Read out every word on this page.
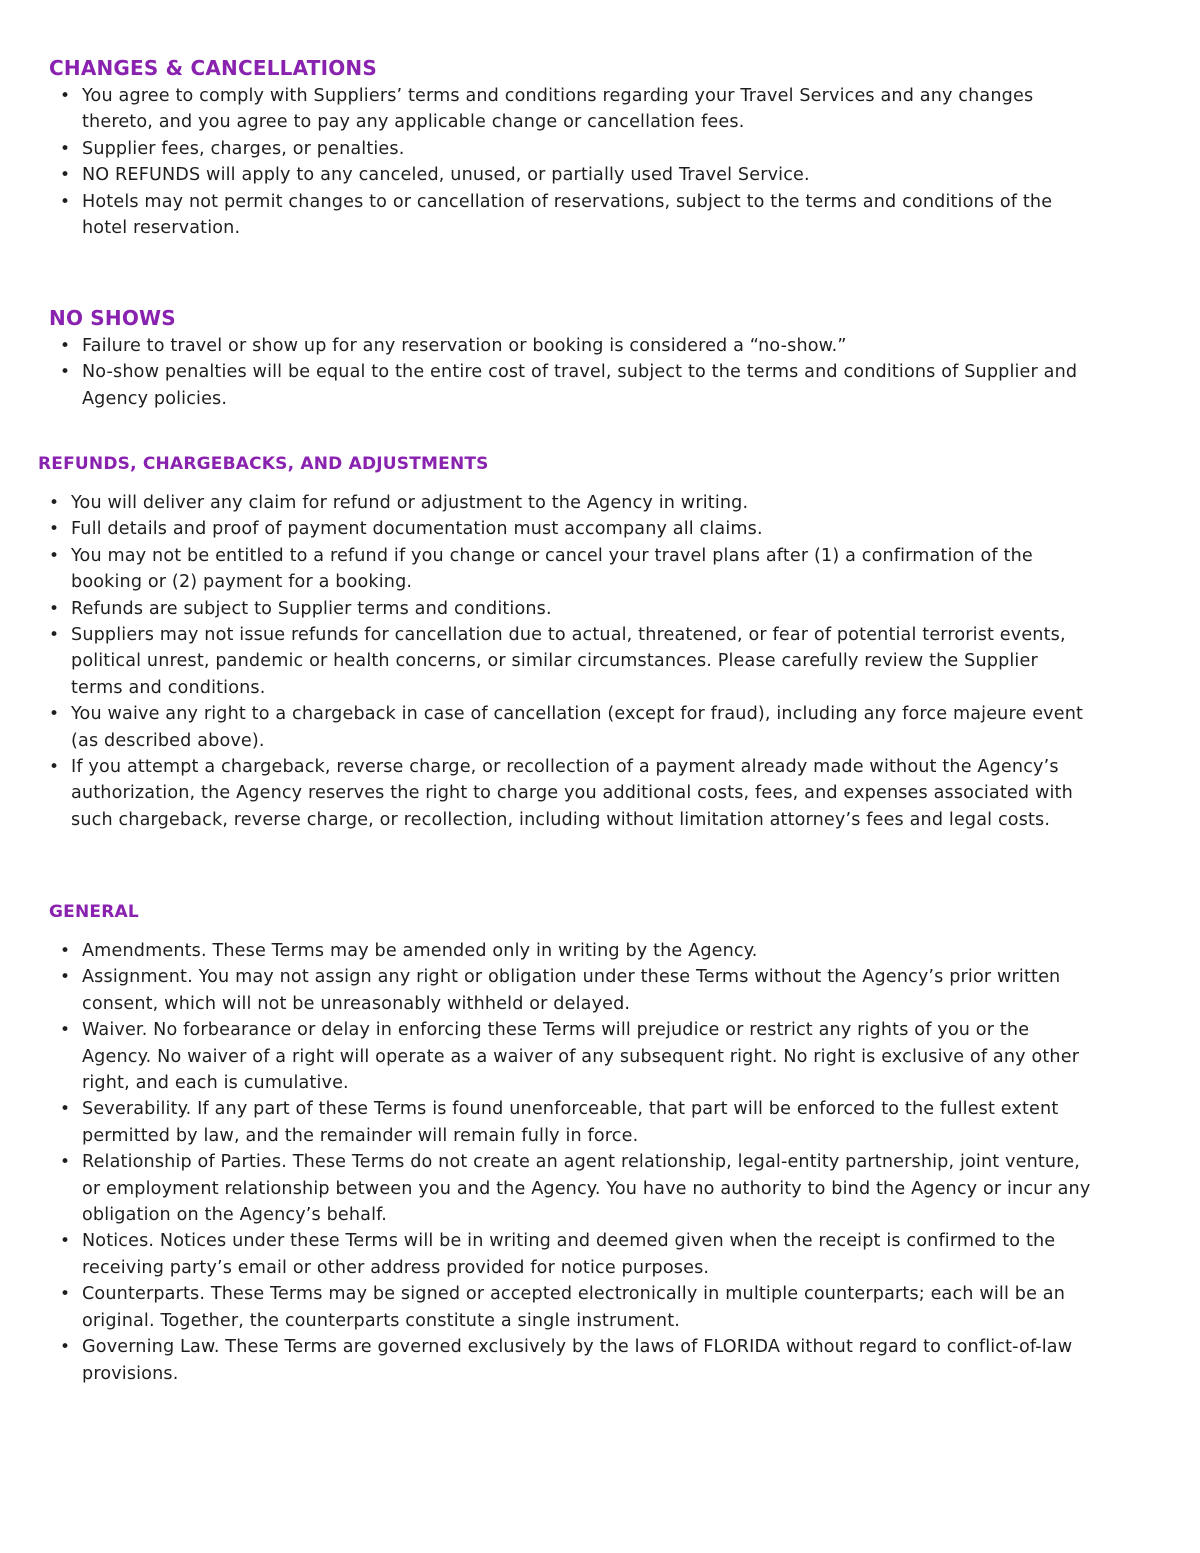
CHANGES & CANCELLATIONS
• You agree to comply with Suppliers’ terms and conditions regarding your Travel Services and any changes thereto, and you agree to pay any applicable change or cancellation fees.
• Supplier fees, charges, or penalties.
• NO REFUNDS will apply to any canceled, unused, or partially used Travel Service.
• Hotels may not permit changes to or cancellation of reservations, subject to the terms and conditions of the hotel reservation.
NO SHOWS
• Failure to travel or show up for any reservation or booking is considered a “no-show.”
• No-show penalties will be equal to the entire cost of travel, subject to the terms and conditions of Supplier and Agency policies.
REFUNDS, CHARGEBACKS, AND ADJUSTMENTS
• You will deliver any claim for refund or adjustment to the Agency in writing.
• Full details and proof of payment documentation must accompany all claims.
• You may not be entitled to a refund if you change or cancel your travel plans after (1) a confirmation of the booking or (2) payment for a booking.
• Refunds are subject to Supplier terms and conditions.
• Suppliers may not issue refunds for cancellation due to actual, threatened, or fear of potential terrorist events, political unrest, pandemic or health concerns, or similar circumstances. Please carefully review the Supplier terms and conditions.
• You waive any right to a chargeback in case of cancellation (except for fraud), including any force majeure event (as described above).
• If you attempt a chargeback, reverse charge, or recollection of a payment already made without the Agency’s authorization, the Agency reserves the right to charge you additional costs, fees, and expenses associated with such chargeback, reverse charge, or recollection, including without limitation attorney’s fees and legal costs.
GENERAL
• Amendments. These Terms may be amended only in writing by the Agency.
• Assignment. You may not assign any right or obligation under these Terms without the Agency’s prior written consent, which will not be unreasonably withheld or delayed.
• Waiver. No forbearance or delay in enforcing these Terms will prejudice or restrict any rights of you or the Agency. No waiver of a right will operate as a waiver of any subsequent right. No right is exclusive of any other right, and each is cumulative.
• Severability. If any part of these Terms is found unenforceable, that part will be enforced to the fullest extent permitted by law, and the remainder will remain fully in force.
• Relationship of Parties. These Terms do not create an agent relationship, legal-entity partnership, joint venture, or employment relationship between you and the Agency. You have no authority to bind the Agency or incur any obligation on the Agency’s behalf.
• Notices. Notices under these Terms will be in writing and deemed given when the receipt is confirmed to the receiving party’s email or other address provided for notice purposes.
• Counterparts. These Terms may be signed or accepted electronically in multiple counterparts; each will be an original. Together, the counterparts constitute a single instrument.
• Governing Law. These Terms are governed exclusively by the laws of FLORIDA without regard to conflict-of-law provisions.
